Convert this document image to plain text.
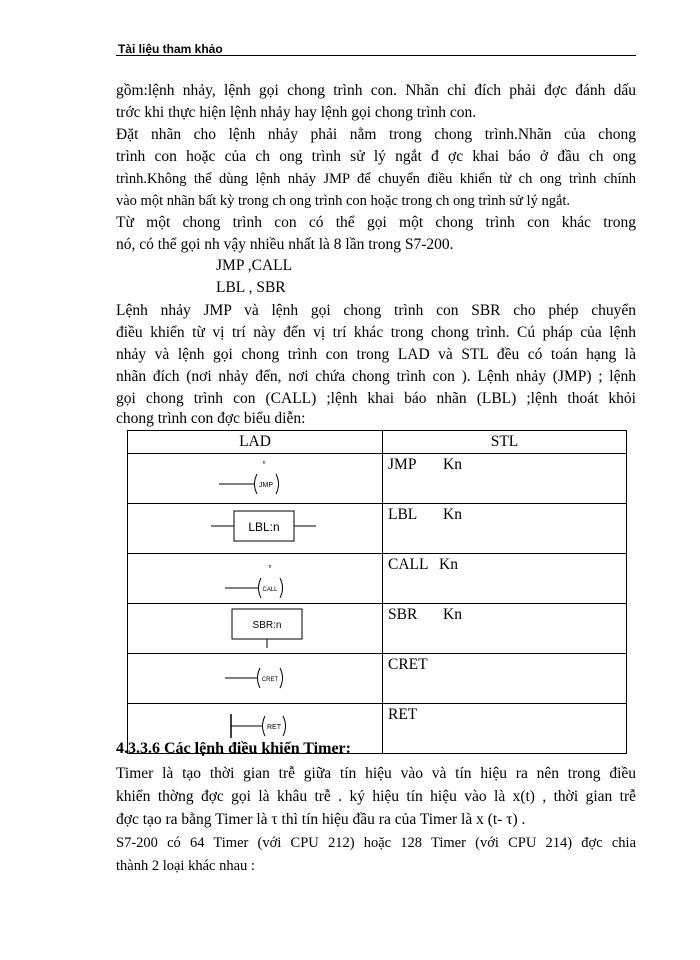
Tài liệu tham khảo
gồm:lệnh nhảy, lệnh gọi chong trình con. Nhãn chỉ đích phải đợc đánh dấu
trớc khi thực hiện lệnh nhảy hay lệnh gọi chong trình con.
Đặt nhãn cho lệnh nhảy phải nằm trong chong trình.Nhãn của chong
trình con hoặc của ch ong trình sử lý ngắt đ ợc khai báo ở đầu ch ong
trình.Không thể dùng lệnh nhảy JMP để chuyển điều khiển từ ch ong trình chính
vào một nhãn bất kỳ trong ch ong trình con hoặc trong ch ong trình sử lý ngắt.
Từ một chong trình con có thể gọi một chong trình con khác trong
nó, có thể gọi nh vậy nhiều nhất là 8 lần trong S7-200.
JMP ,CALL
LBL , SBR
Lệnh nhảy JMP và lệnh gọi chong trình con SBR cho phép chuyển
điều khiển từ vị trí này đến vị trí khác trong chong trình. Cú pháp của lệnh
nhảy và lệnh gọi chong trình con trong LAD và STL đều có toán hạng là
nhãn đích (nơi nhảy đến, nơi chứa chong trình con ). Lệnh nhảy (JMP) ; lệnh
gọi chong trình con (CALL) ;lệnh khai báo nhãn (LBL) ;lệnh thoát khỏi
chong trình con đợc biểu diễn:
LAD	STL

n
JMP	JMP Kn

LBL:n	LBL Kn

n
CALL	CALL Kn

SBR:n	SBR Kn

CRET	CRET

RET	RET
4.3.3.6 Các lệnh điều khiển Timer:
Timer là tạo thời gian trễ giữa tín hiệu vào và tín hiệu ra nên trong điều
khiển thờng đợc gọi là khâu trễ . ký hiệu tín hiệu vào là x(t) , thời gian trễ
đợc tạo ra bằng Timer là τ thì tín hiệu đầu ra của Timer là x (t- τ) .
S7-200 có 64 Timer (với CPU 212) hoặc 128 Timer (với CPU 214) đợc chia
thành 2 loại khác nhau :
